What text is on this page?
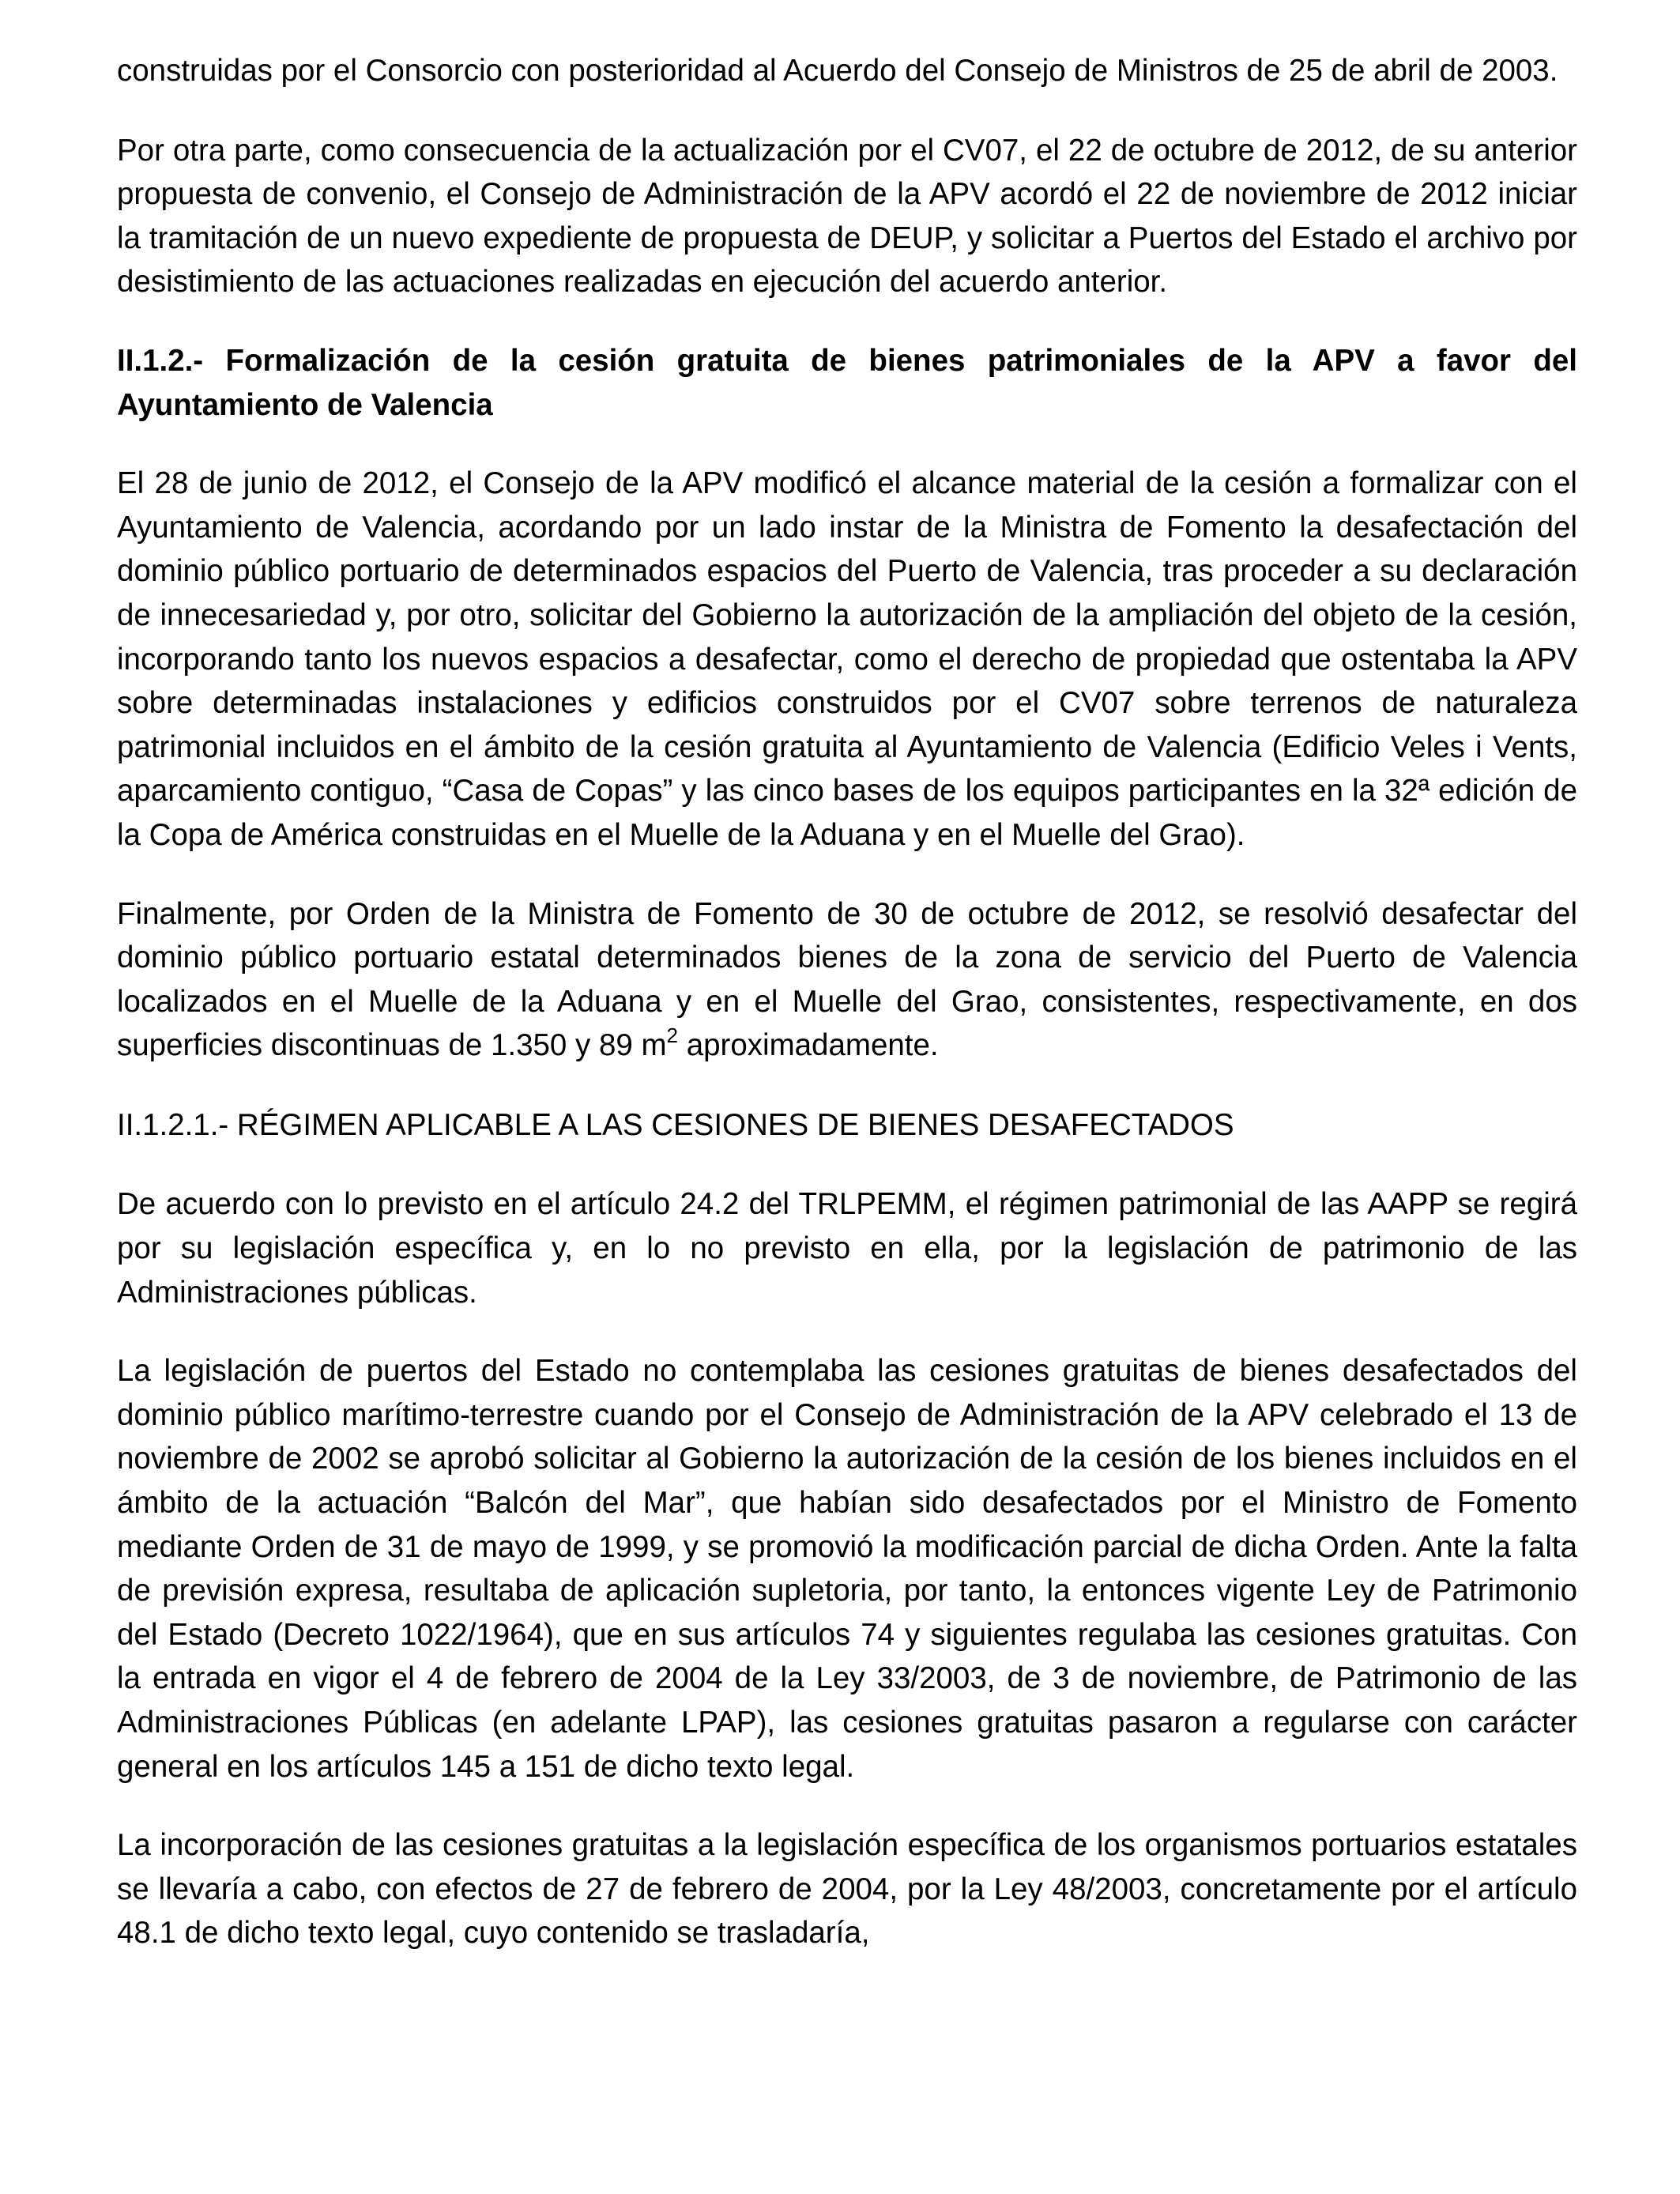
construidas por el Consorcio con posterioridad al Acuerdo del Consejo de Ministros de 25 de abril de 2003.

Por otra parte, como consecuencia de la actualización por el CV07, el 22 de octubre de 2012, de su anterior propuesta de convenio, el Consejo de Administración de la APV acordó el 22 de noviembre de 2012 iniciar la tramitación de un nuevo expediente de propuesta de DEUP, y solicitar a Puertos del Estado el archivo por desistimiento de las actuaciones realizadas en ejecución del acuerdo anterior.

II.1.2.- Formalización de la cesión gratuita de bienes patrimoniales de la APV a favor del Ayuntamiento de Valencia

El 28 de junio de 2012, el Consejo de la APV modificó el alcance material de la cesión a formalizar con el Ayuntamiento de Valencia, acordando por un lado instar de la Ministra de Fomento la desafectación del dominio público portuario de determinados espacios del Puerto de Valencia, tras proceder a su declaración de innecesariedad y, por otro, solicitar del Gobierno la autorización de la ampliación del objeto de la cesión, incorporando tanto los nuevos espacios a desafectar, como el derecho de propiedad que ostentaba la APV sobre determinadas instalaciones y edificios construidos por el CV07 sobre terrenos de naturaleza patrimonial incluidos en el ámbito de la cesión gratuita al Ayuntamiento de Valencia (Edificio Veles i Vents, aparcamiento contiguo, “Casa de Copas” y las cinco bases de los equipos participantes en la 32ª edición de la Copa de América construidas en el Muelle de la Aduana y en el Muelle del Grao).

Finalmente, por Orden de la Ministra de Fomento de 30 de octubre de 2012, se resolvió desafectar del dominio público portuario estatal determinados bienes de la zona de servicio del Puerto de Valencia localizados en el Muelle de la Aduana y en el Muelle del Grao, consistentes, respectivamente, en dos superficies discontinuas de 1.350 y 89 $m^2$ aproximadamente.

II.1.2.1.- RÉGIMEN APLICABLE A LAS CESIONES DE BIENES DESAFECTADOS

De acuerdo con lo previsto en el artículo 24.2 del TRLPEMM, el régimen patrimonial de las AAPP se regirá por su legislación específica y, en lo no previsto en ella, por la legislación de patrimonio de las Administraciones públicas.

La legislación de puertos del Estado no contemplaba las cesiones gratuitas de bienes desafectados del dominio público marítimo-terrestre cuando por el Consejo de Administración de la APV celebrado el 13 de noviembre de 2002 se aprobó solicitar al Gobierno la autorización de la cesión de los bienes incluidos en el ámbito de la actuación “Balcón del Mar”, que habían sido desafectados por el Ministro de Fomento mediante Orden de 31 de mayo de 1999, y se promovió la modificación parcial de dicha Orden. Ante la falta de previsión expresa, resultaba de aplicación supletoria, por tanto, la entonces vigente Ley de Patrimonio del Estado (Decreto 1022/1964), que en sus artículos 74 y siguientes regulaba las cesiones gratuitas. Con la entrada en vigor el 4 de febrero de 2004 de la Ley 33/2003, de 3 de noviembre, de Patrimonio de las Administraciones Públicas (en adelante LPAP), las cesiones gratuitas pasaron a regularse con carácter general en los artículos 145 a 151 de dicho texto legal.

La incorporación de las cesiones gratuitas a la legislación específica de los organismos portuarios estatales se llevaría a cabo, con efectos de 27 de febrero de 2004, por la Ley 48/2003, concretamente por el artículo 48.1 de dicho texto legal, cuyo contenido se trasladaría,
